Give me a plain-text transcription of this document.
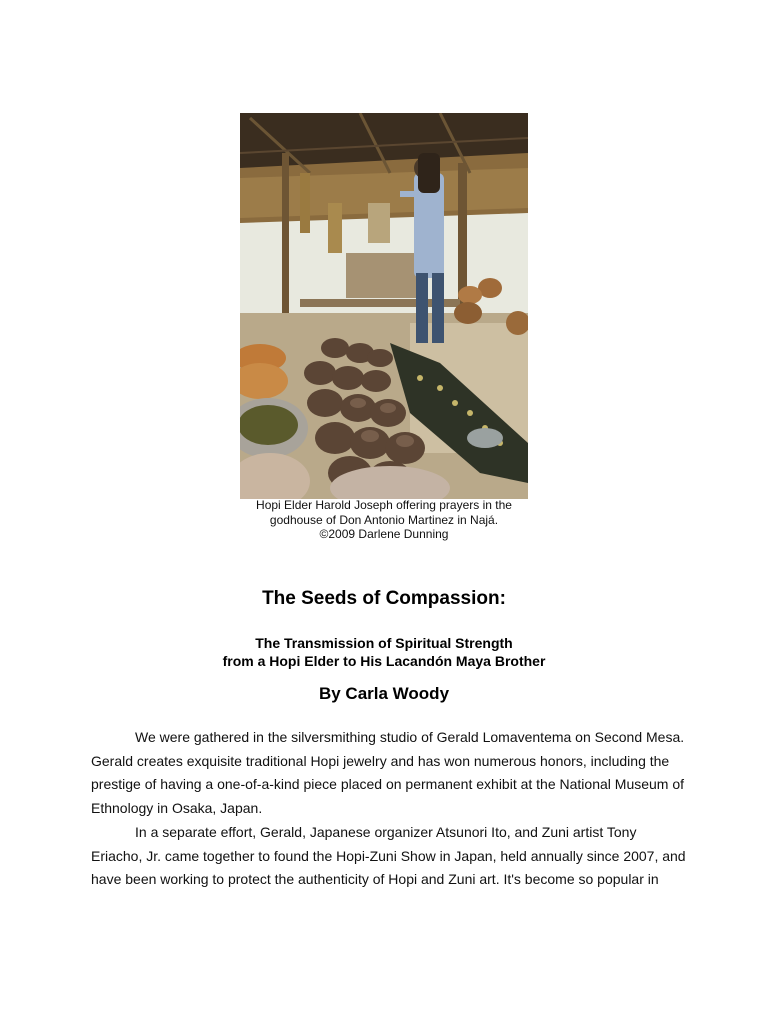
Hopi Elder Harold Joseph offering prayers in the
godhouse of Don Antonio Martinez in Najá.
©2009 Darlene Dunning
The Seeds of Compassion:
The Transmission of Spiritual Strength
from a Hopi Elder to His Lacandón Maya Brother
By Carla Woody
We were gathered in the silversmithing studio of Gerald Lomaventema on Second Mesa.
Gerald creates exquisite traditional Hopi jewelry and has won numerous honors, including the
prestige of having a one-of-a-kind piece placed on permanent exhibit at the National Museum of
Ethnology in Osaka, Japan.
In a separate effort, Gerald, Japanese organizer Atsunori Ito, and Zuni artist Tony
Eriacho, Jr. came together to found the Hopi-Zuni Show in Japan, held annually since 2007, and
have been working to protect the authenticity of Hopi and Zuni art. It's become so popular in
